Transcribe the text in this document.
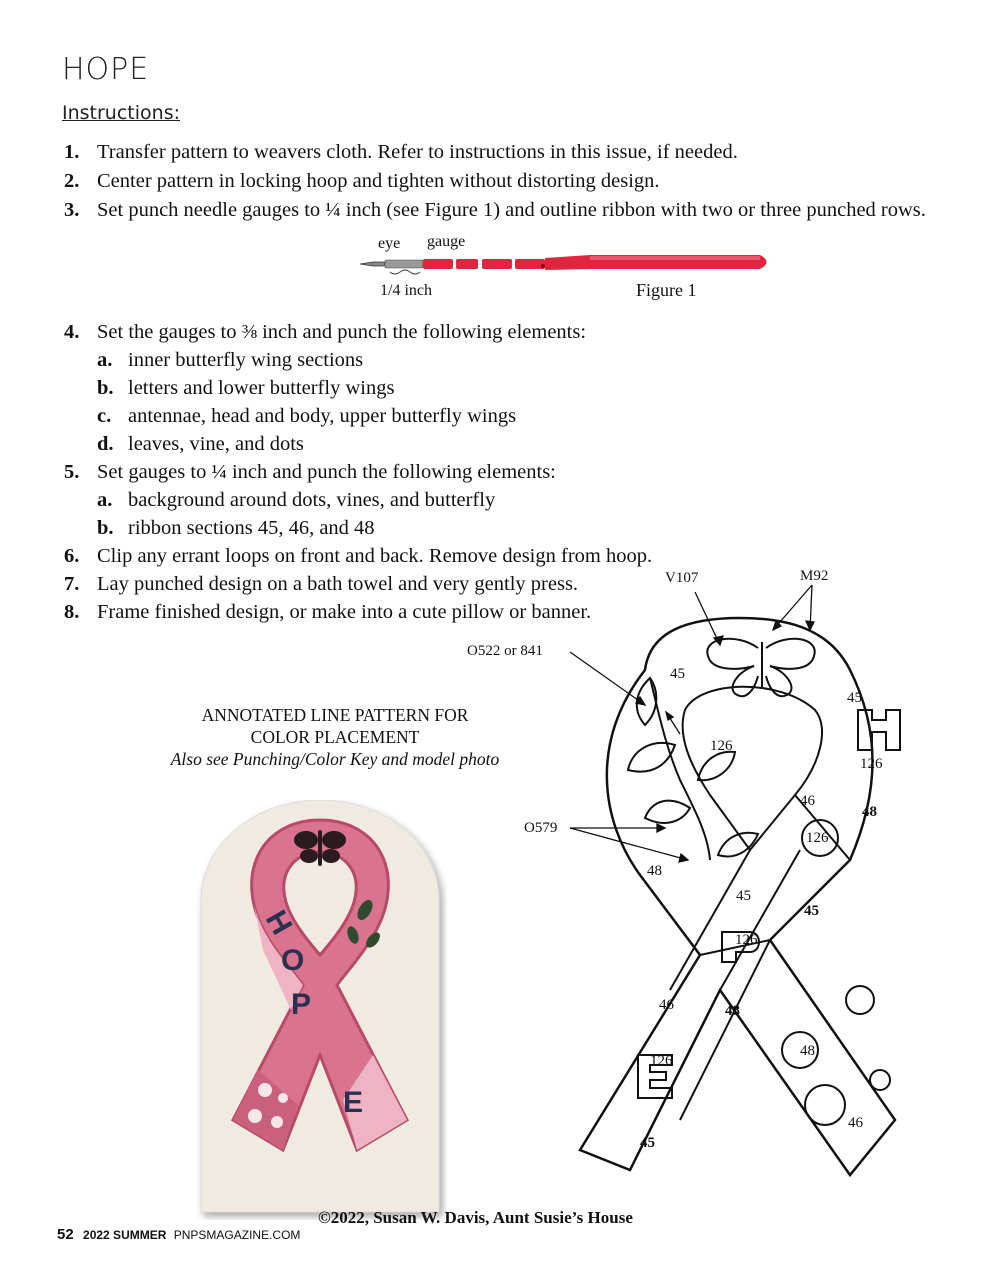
HOPE
Instructions:
1. Transfer pattern to weavers cloth. Refer to instructions in this issue, if needed.
2. Center pattern in locking hoop and tighten without distorting design.
3. Set punch needle gauges to ¼ inch (see Figure 1) and outline ribbon with two or three punched rows.
eye gauge
1/4 inch	Figure 1
4. Set the gauges to ⅜ inch and punch the following elements:
a. inner butterfly wing sections
b. letters and lower butterfly wings
c. antennae, head and body, upper butterfly wings
d. leaves, vine, and dots
5. Set gauges to ¼ inch and punch the following elements:
a. background around dots, vines, and butterfly
b. ribbon sections 45, 46, and 48
6. Clip any errant loops on front and back. Remove design from hoop.
7. Lay punched design on a bath towel and very gently press.
8. Frame finished design, or make into a cute pillow or banner.
ANNOTATED LINE PATTERN FOR
COLOR PLACEMENT
Also see Punching/Color Key and model photo
H
O
P
E
V107	M92
O522 or 841
O579
45
45
126
126
46
48
126
48
45
45
126
46	48
48
126
46
45
©2022, Susan W. Davis, Aunt Susie’s House
52 2022 SUMMER PNPSMAGAZINE.COM
